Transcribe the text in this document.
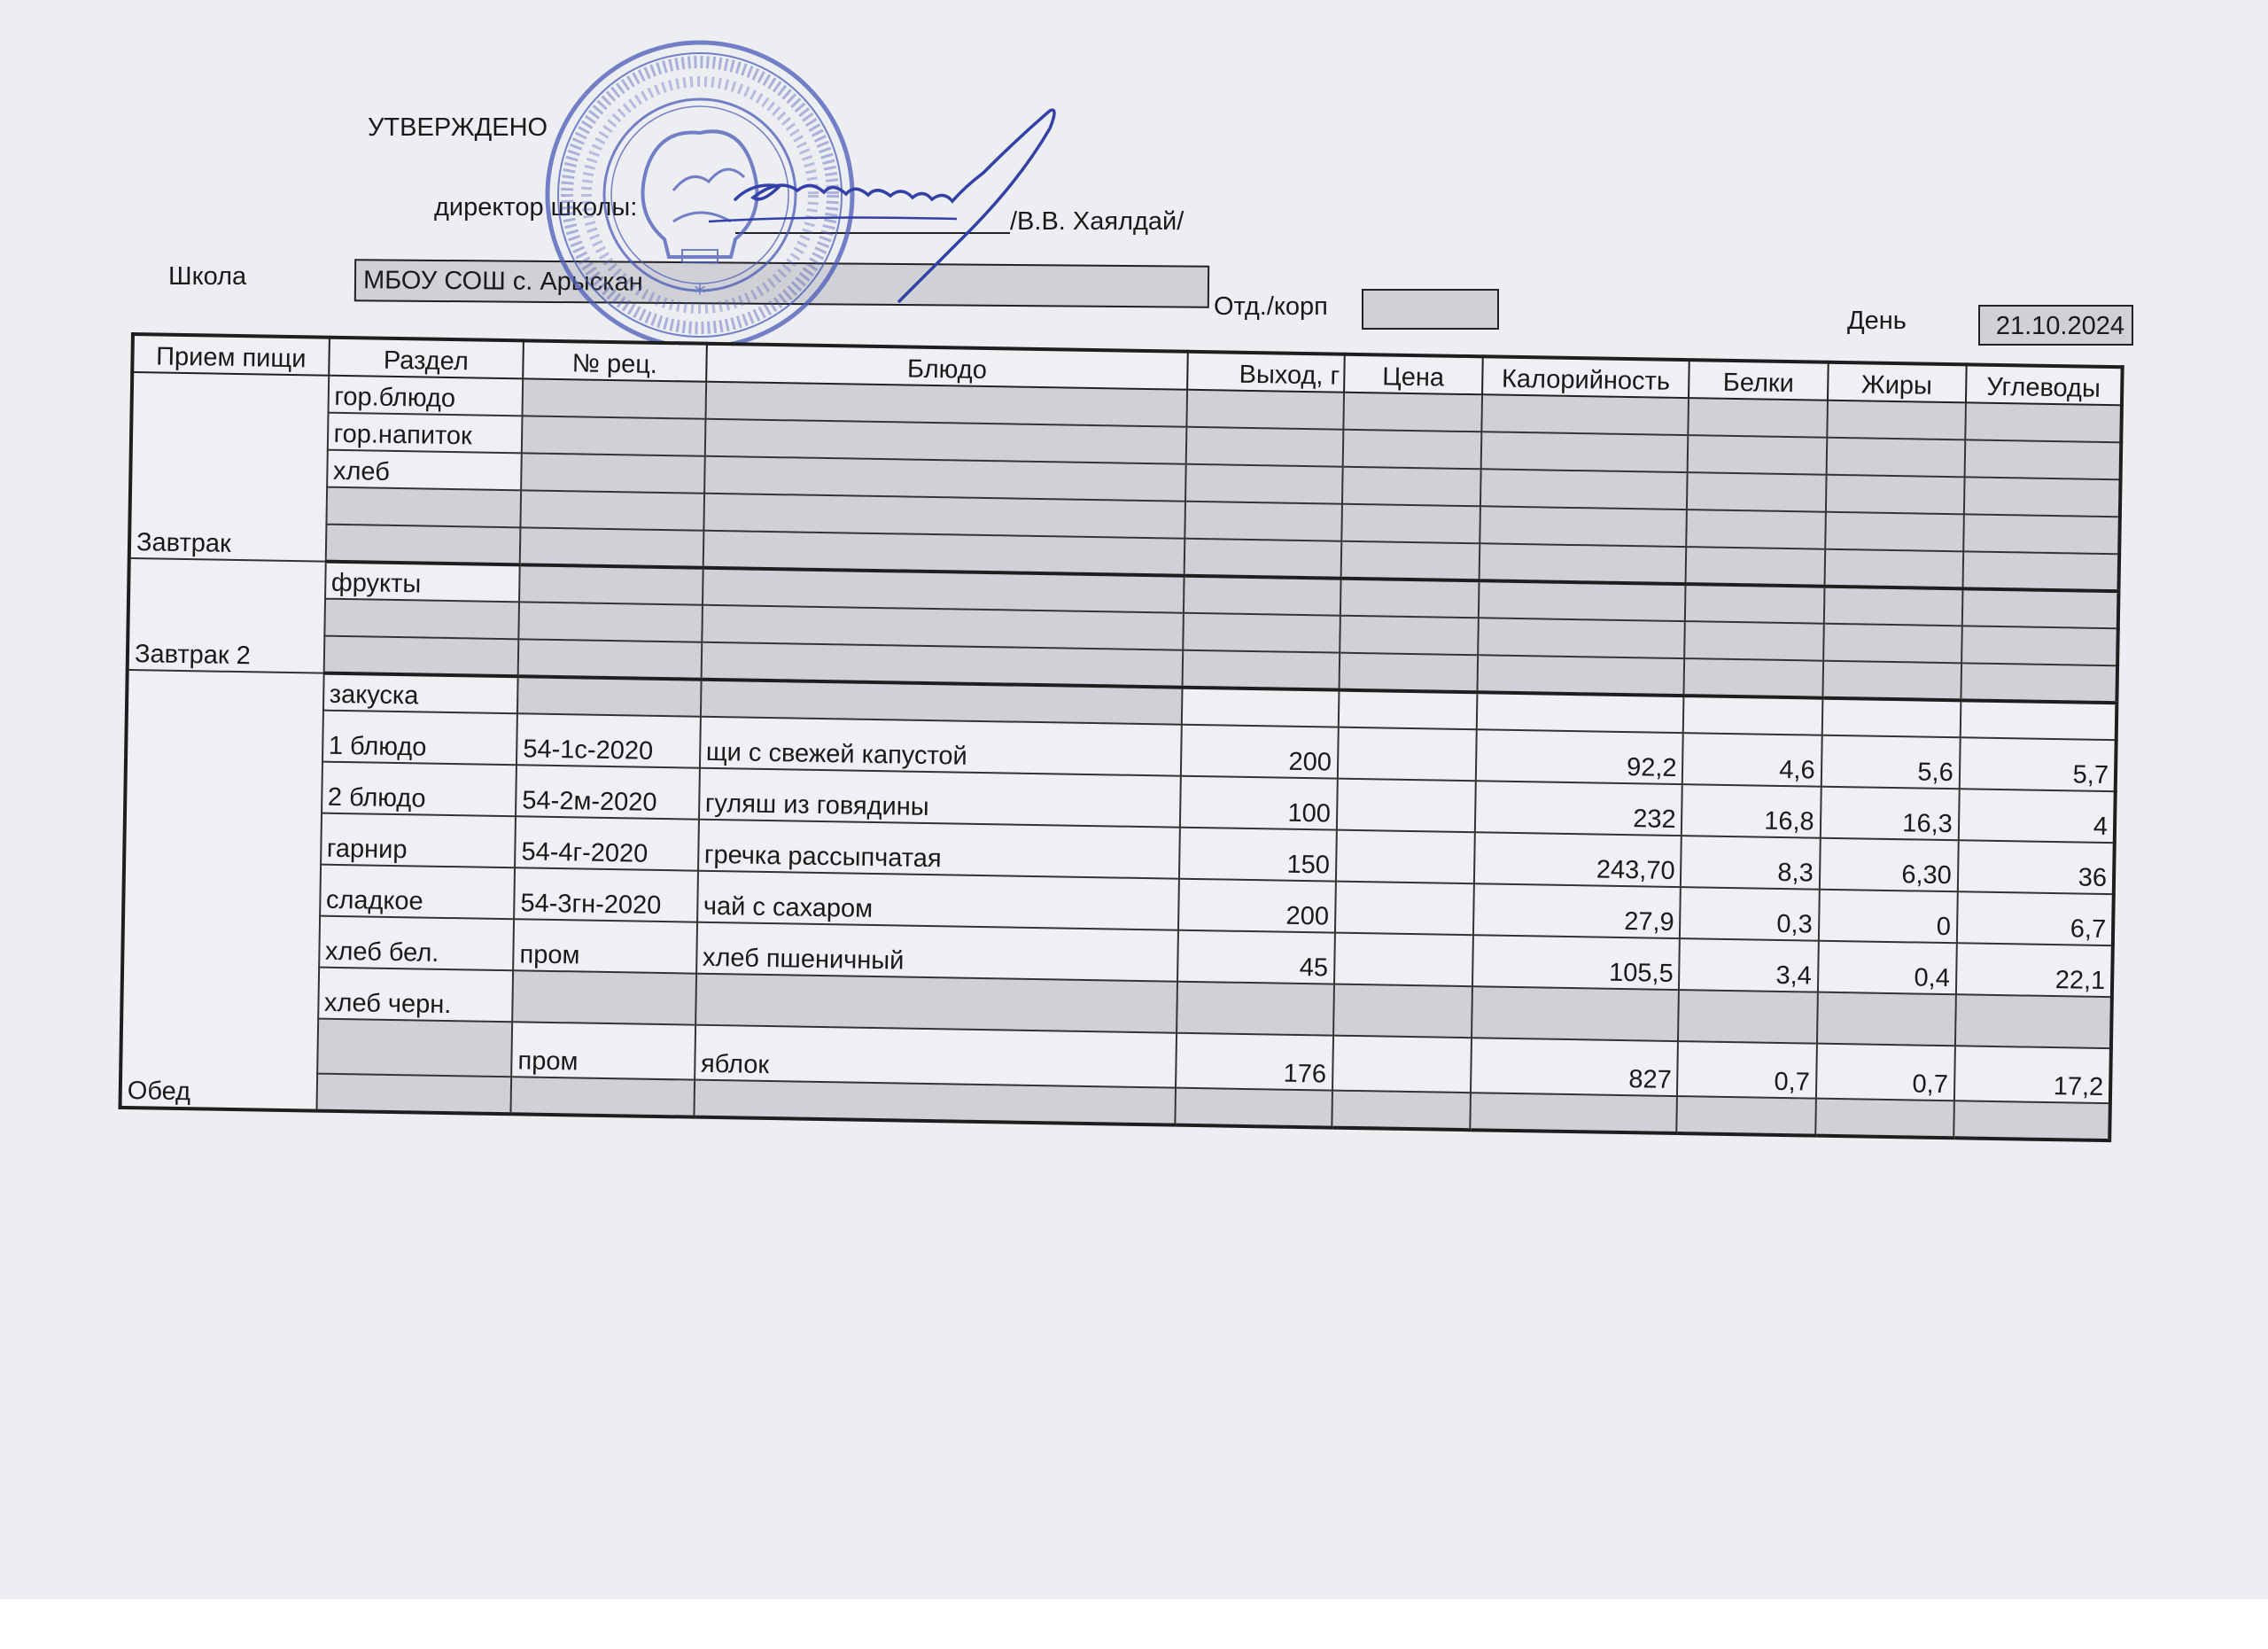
УТВЕРЖДЕНО
директор школы:	/В.В. Хаялдай/
Школа	МБОУ СОШ с. Арыскан
Отд./корп	День	21.10.2024
*
Прием пищи	Раздел	№ рец.	Блюдо	Выход, г	Цена	Калорийность	Белки	Жиры	Углеводы
Завтрак	гор.блюдо								
	гор.напиток								
	хлеб								

Завтрак 2	фрукты								

Обед	закуска								
	1 блюдо	54-1с-2020	щи с свежей капустой	200		92,2	4,6	5,6	5,7
	2 блюдо	54-2м-2020	гуляш из говядины	100		232	16,8	16,3	4
	гарнир	54-4г-2020	гречка рассыпчатая	150		243,70	8,3	6,30	36
	сладкое	54-3гн-2020	чай с сахаром	200		27,9	0,3	0	6,7
	хлеб бел.	пром	хлеб пшеничный	45		105,5	3,4	0,4	22,1
	хлеб черн.								
		пром	яблок	176		827	0,7	0,7	17,2
